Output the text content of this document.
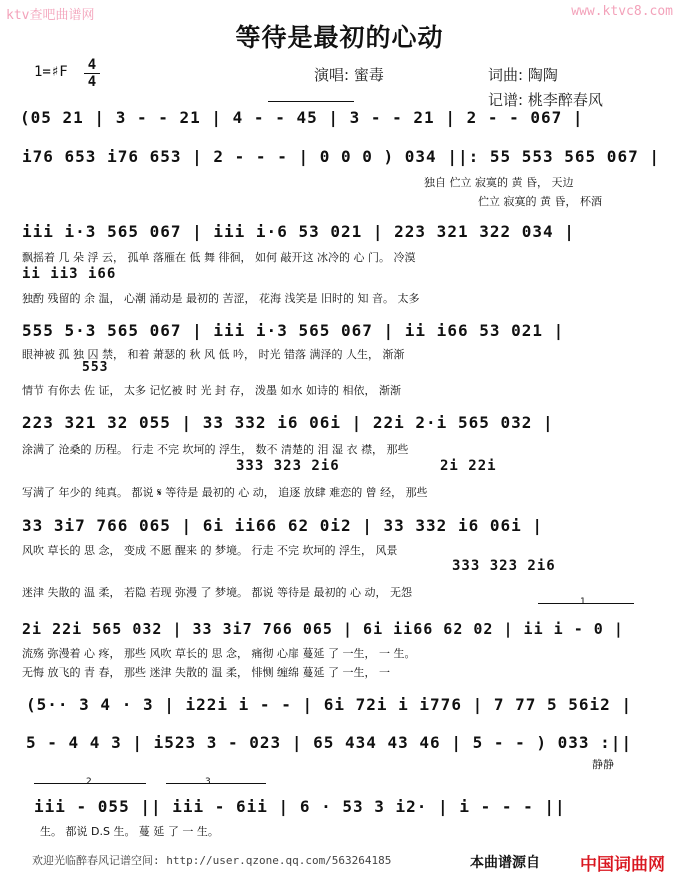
ktv查吧曲谱网	www.ktvc8.com
等待是最初的心动
1=♯F 4
4	演唱: 蜜毒	词曲: 陶陶
记谱: 桃李醉春风
(05 21 | 3 - - 21 | 4 - - 45 | 3 - - 21 | 2 - - 067 |
i76 653 i76 653 | 2 - - - | 0 0 0 ) 034 ||: 55 553 565 067 |
独自 伫立 寂寞的 黄 昏， 天边
伫立 寂寞的 黄 昏， 杯酒
iii i·3 565 067 | iii i·6 53 021 | 223 321 322 034 |
飘摇着 几 朵 浮 云， 孤单 落雁在 低 舞 徘徊， 如何 敲开这 冰冷的 心 门。 冷漠
ii ii3 i66
独酌 残留的 余 温， 心潮 涌动是 最初的 苦涩， 花海 浅笑是 旧时的 知 音。 太多
555 5·3 565 067 | iii i·3 565 067 | ii i66 53 021 |
眼神被 孤 独 囚 禁， 和着 萧瑟的 秋 风 低 吟， 时光 错落 满泽的 人生， 渐渐
553
情节 有你去 佐 证， 太多 记忆被 时 光 封 存， 泼墨 如水 如诗的 相依， 渐渐
223 321 32 055 | 33 332 i6 06i | 22i 2·i 565 032 |
涂满了 沧桑的 历程。 行走 不完 坎坷的 浮生， 数不 清楚的 泪 湿 衣 襟， 那些
333 323 2i6	2i 22i
写满了 年少的 纯真。 都说 𝄋 等待是 最初的 心 动， 追逐 放肆 难恋的 曾 经， 那些
33 3i7 766 065 | 6i ii66 62 0i2 | 33 332 i6 06i |
风吹 草长的 思 念， 变成 不愿 醒来 的 梦境。 行走 不完 坎坷的 浮生， 风景
333 323 2i6
迷津 失散的 温 柔， 若隐 若现 弥漫 了 梦境。 都说 等待是 最初的 心 动， 无怨
1
2i 22i 565 032 | 33 3i7 766 065 | 6i ii66 62 02 | ii i - 0 |
流殇 弥漫着 心 疼， 那些 风吹 草长的 思 念， 痛彻 心扉 蔓延 了 一生， 一 生。
无悔 放飞的 青 春， 那些 迷津 失散的 温 柔， 悱恻 缠绵 蔓延 了 一生， 一
(5·· 3 4 · 3 | i22i i - - | 6i 72i i i776 | 7 77 5 56i2 |
5 - 4 4 3 | i523 3 - 023 | 65 434 43 46 | 5 - - ) 033 :||
静静
2	3
iii - 055 || iii - 6ii | 6 · 53 3 i2· | i - - - ||
生。 都说 D.S 生。 蔓 延 了 一 生。
欢迎光临醉春风记谱空间: http://user.qzone.qq.com/563264185	本曲谱源自 中国词曲网
